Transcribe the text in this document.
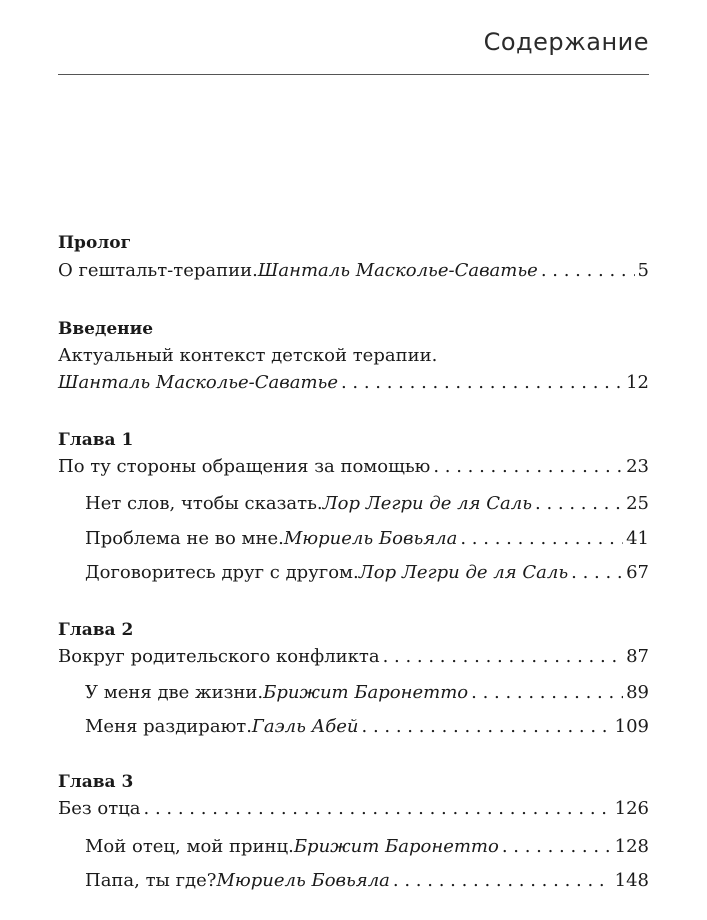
Содержание
Пролог
О гештальт-терапии. Шанталь Масколье-Саватье . . .	5
Введение
Актуальный контекст детской терапии.
Шанталь Масколье-Саватье . . .	12
Глава 1
По ту стороны обращения за помощью . . .	23
Нет слов, чтобы сказать. Лор Легри де ля Саль . . .	25
Проблема не во мне. Мюриель Бовьяла . . .	41
Договоритесь друг с другом. Лор Легри де ля Саль . . .	67
Глава 2
Вокруг родительского конфликта . . .	87
У меня две жизни. Брижит Баронетто . . .	89
Меня раздирают. Гаэль Абей . . .	109
Глава 3
Без отца . . .	126
Мой отец, мой принц. Брижит Баронетто . . .	128
Папа, ты где? Мюриель Бовьяла . . .	148
